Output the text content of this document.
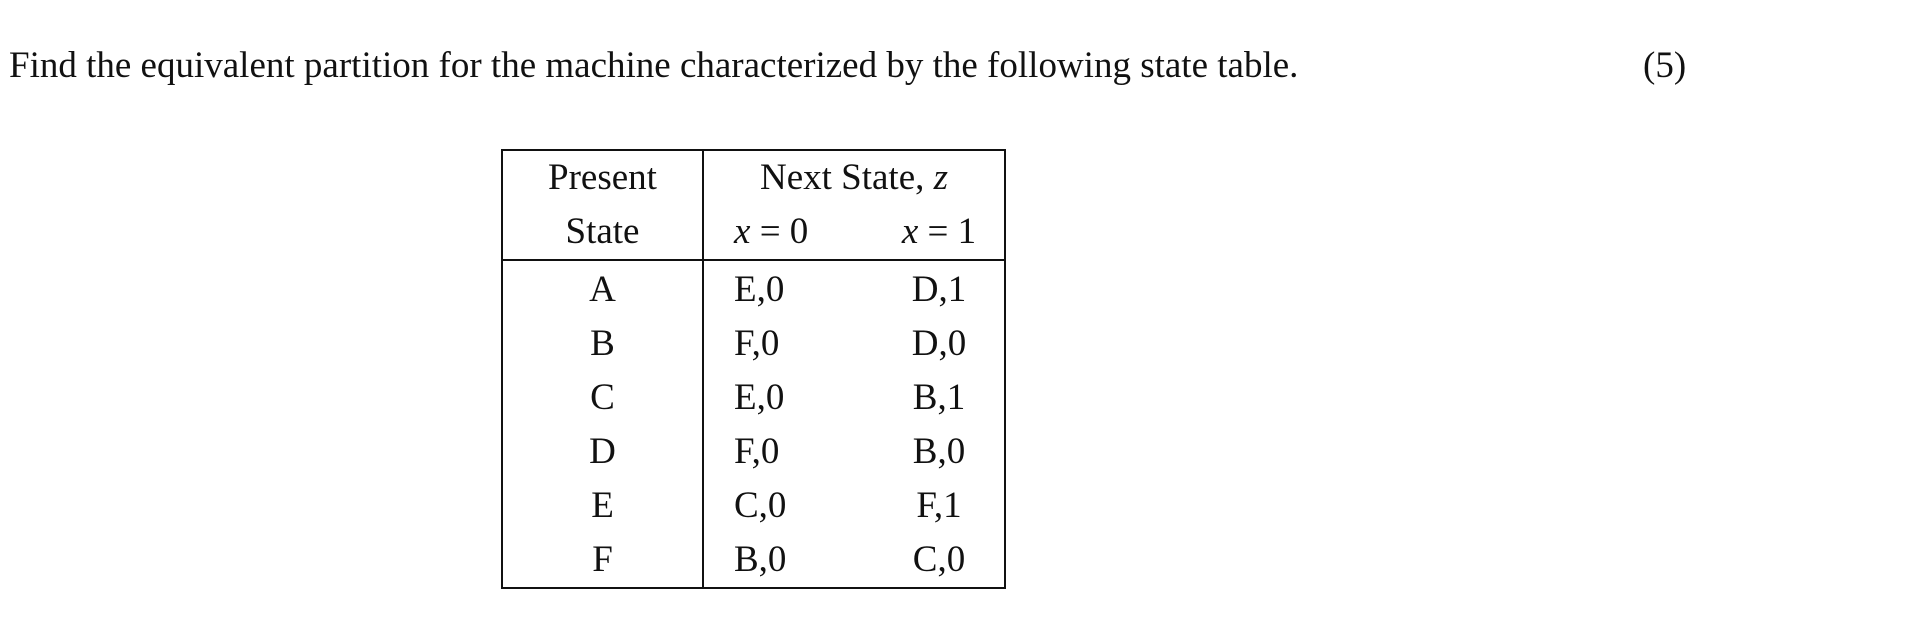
Find the equivalent partition for the machine characterized by the following state table.	(5)
Present	Next State, z	
State	x = 0	x = 1
A	E,0	D,1
B	F,0	D,0
C	E,0	B,1
D	F,0	B,0
E	C,0	F,1
F	B,0	C,0
